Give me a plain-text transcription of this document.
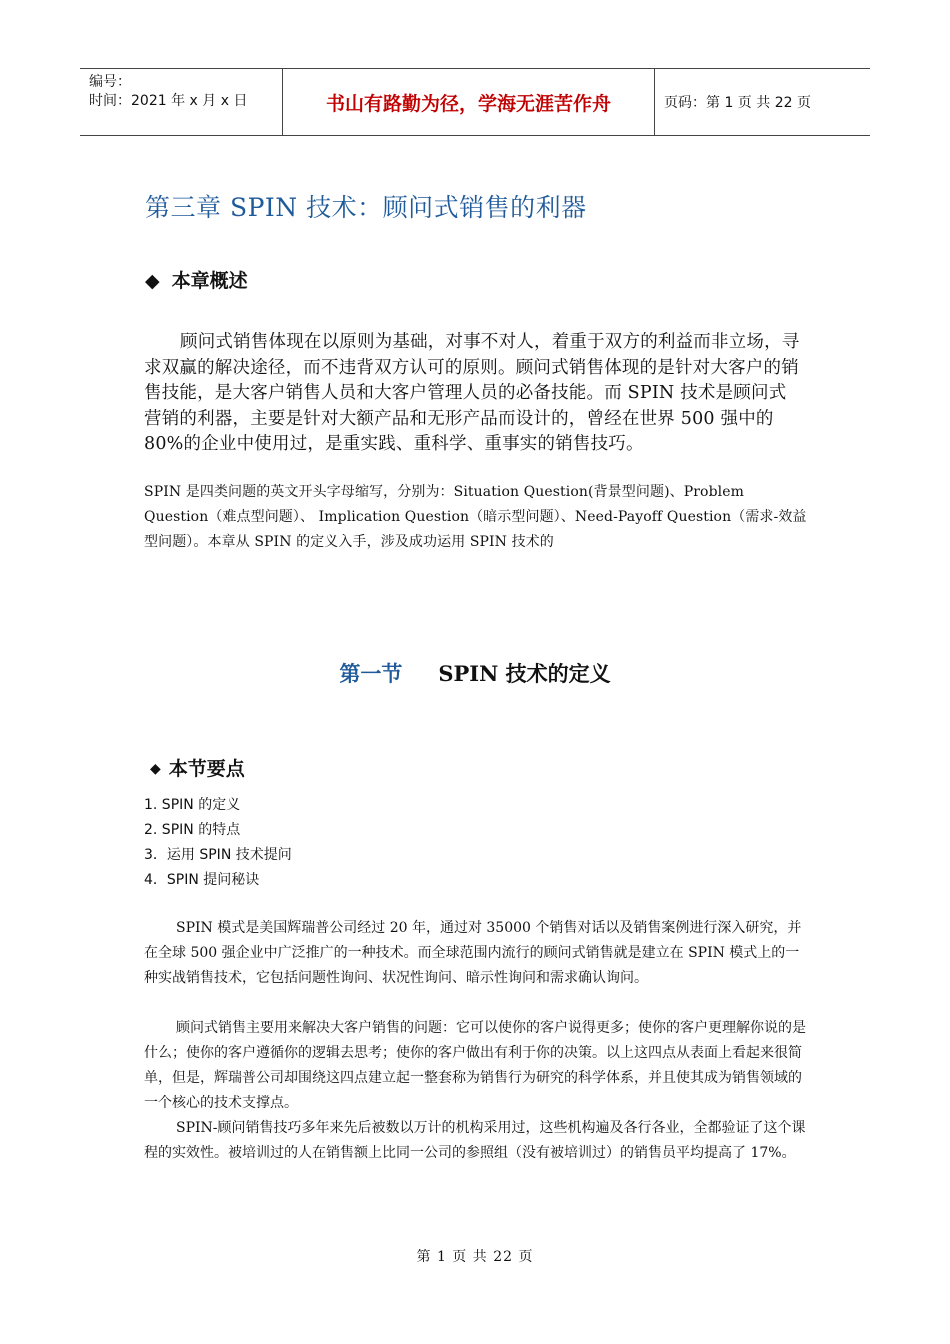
编号：
时间：2021 年 x 月 x 日	书山有路勤为径，学海无涯苦作舟	页码：第 1 页 共 22 页
第三章 SPIN 技术：顾问式销售的利器
◆ 本章概述

顾问式销售体现在以原则为基础，对事不对人，着重于双方的利益而非立场，寻求双赢的解决途径，而不违背双方认可的原则。顾问式销售体现的是针对大客户的销售技能，是大客户销售人员和大客户管理人员的必备技能。而 SPIN 技术是顾问式营销的利器，主要是针对大额产品和无形产品而设计的，曾经在世界 500 强中的 80%的企业中使用过，是重实践、重科学、重事实的销售技巧。

SPIN 是四类问题的英文开头字母缩写，分别为：Situation Question(背景型问题)、Problem Question（难点型问题）、 Implication Question（暗示型问题）、Need-Payoff Question（需求-效益型问题）。本章从 SPIN 的定义入手，涉及成功运用 SPIN 技术的

第一节 SPIN 技术的定义
◆ 本节要点
1. SPIN 的定义
2. SPIN 的特点
3．运用 SPIN 技术提问
4．SPIN 提问秘诀

SPIN 模式是美国辉瑞普公司经过 20 年，通过对 35000 个销售对话以及销售案例进行深入研究，并在全球 500 强企业中广泛推广的一种技术。而全球范围内流行的顾问式销售就是建立在 SPIN 模式上的一种实战销售技术，它包括问题性询问、状况性询问、暗示性询问和需求确认询问。

顾问式销售主要用来解决大客户销售的问题：它可以使你的客户说得更多；使你的客户更理解你说的是什么；使你的客户遵循你的逻辑去思考；使你的客户做出有利于你的决策。以上这四点从表面上看起来很简单，但是，辉瑞普公司却围绕这四点建立起一整套称为销售行为研究的科学体系，并且使其成为销售领域的一个核心的技术支撑点。

SPIN-顾问销售技巧多年来先后被数以万计的机构采用过，这些机构遍及各行各业，全都验证了这个课程的实效性。被培训过的人在销售额上比同一公司的参照组（没有被培训过）的销售员平均提高了 17%。

第 1 页 共 22 页
